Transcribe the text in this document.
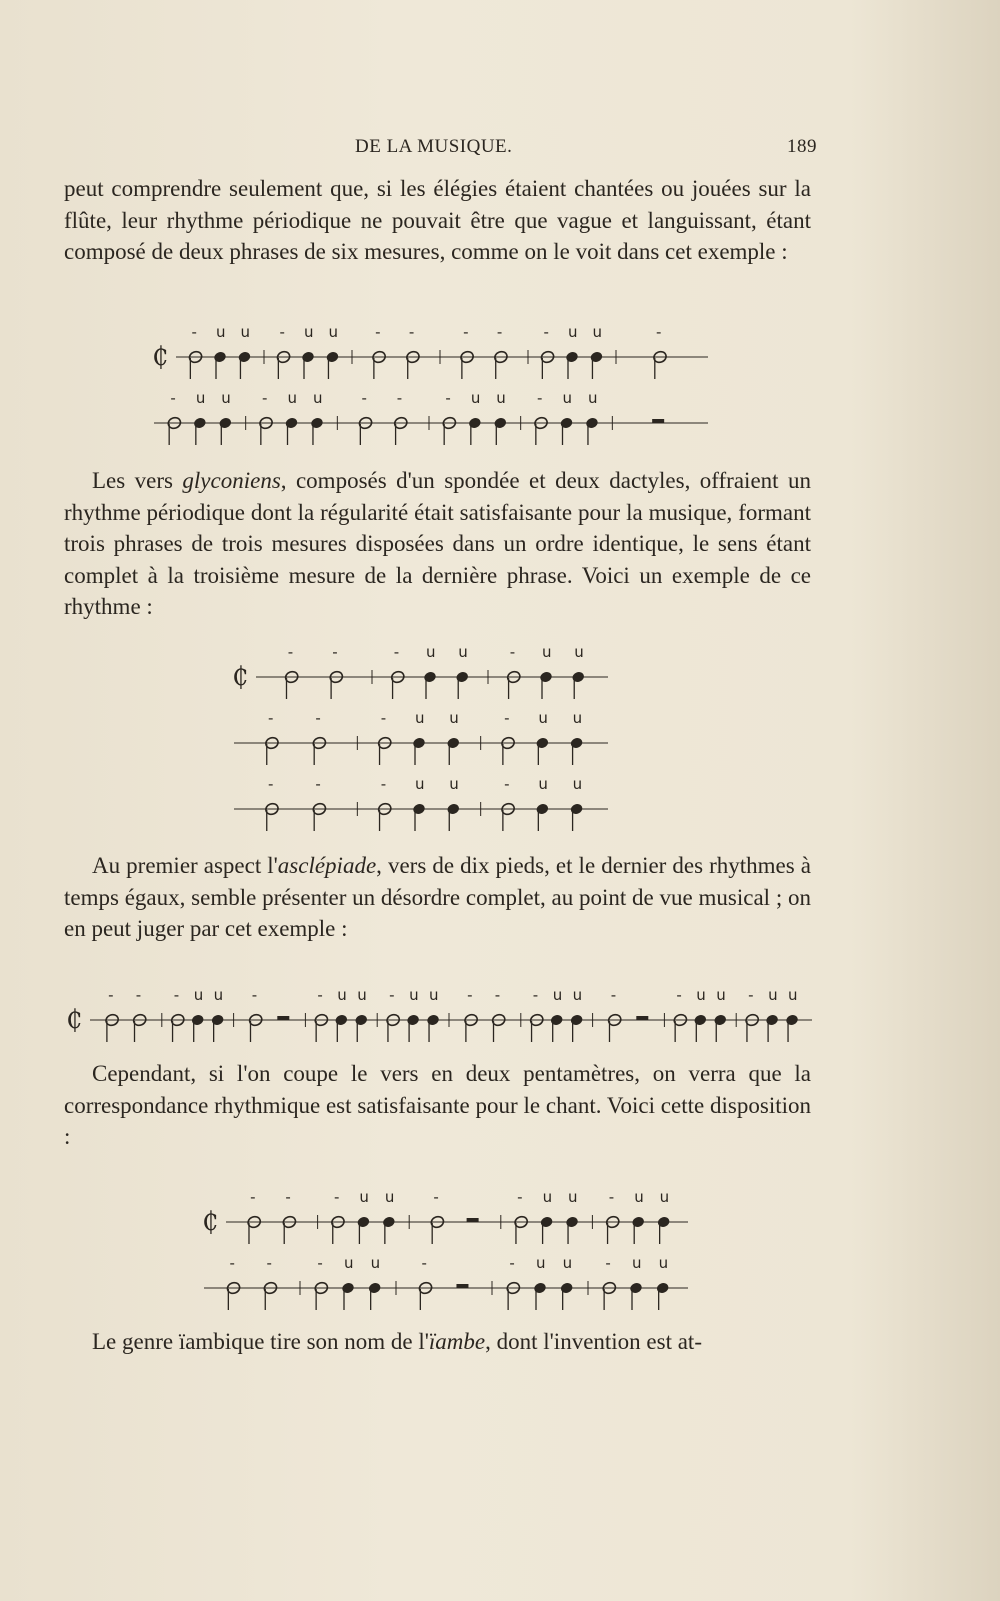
DE LA MUSIQUE.	189

peut comprendre seulement que, si les élégies étaient chantées ou jouées sur la flûte, leur rhythme périodique ne pouvait être que vague et languissant, étant composé de deux phrases de six mesures, comme on le voit dans cet exemple :

₵
- u u - u u - -	- -	- u u	-
- u u - u u	- -	- u u - u u

Les vers glyconiens, composés d'un spondée et deux dactyles, offraient un rhythme périodique dont la régularité était satisfaisante pour la musique, formant trois phrases de trois mesures disposées dans un ordre identique, le sens étant complet à la troisième mesure de la dernière phrase. Voici un exemple de ce rhythme :

₵
-	-	- u u	- u u
-	-	- u u	- u u
-	-	- u u	- u u

Au premier aspect l'asclépiade, vers de dix pieds, et le dernier des rhythmes à temps égaux, semble présenter un désordre complet, au point de vue musical ; on en peut juger par cet exemple :

₵
- - - u u -	- u u - u u - - - u u -	- u u - u u

Cependant, si l'on coupe le vers en deux pentamètres, on verra que la correspondance rhythmique est satisfaisante pour le chant. Voici cette disposition :

₵
- -	- u u	-	- u u - u u
- -	- u u	-	- u u - u u

Le genre ïambique tire son nom de l'ïambe, dont l'invention est at-
